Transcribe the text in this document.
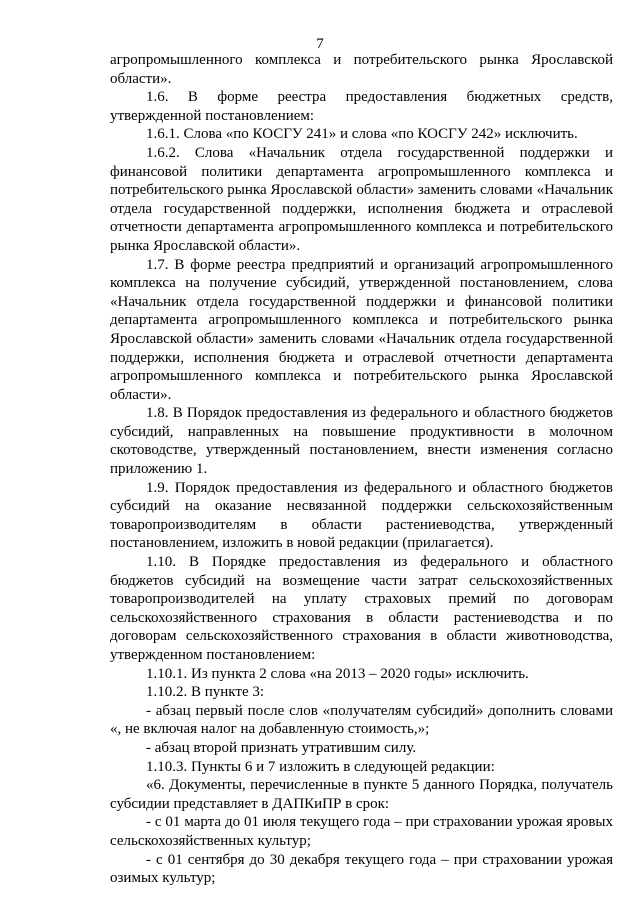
7

агропромышленного комплекса и потребительского рынка Ярославской области».

1.6. В форме реестра предоставления бюджетных средств, утвержденной постановлением:

1.6.1. Слова «по КОСГУ 241» и слова «по КОСГУ 242» исключить.

1.6.2. Слова «Начальник отдела государственной поддержки и финансовой политики департамента агропромышленного комплекса и потребительского рынка Ярославской области» заменить словами «Начальник отдела государственной поддержки, исполнения бюджета и отраслевой отчетности департамента агропромышленного комплекса и потребительского рынка Ярославской области».

1.7. В форме реестра предприятий и организаций агропромышленного комплекса на получение субсидий, утвержденной постановлением, слова «Начальник отдела государственной поддержки и финансовой политики департамента агропромышленного комплекса и потребительского рынка Ярославской области» заменить словами «Начальник отдела государственной поддержки, исполнения бюджета и отраслевой отчетности департамента агропромышленного комплекса и потребительского рынка Ярославской области».

1.8. В Порядок предоставления из федерального и областного бюджетов субсидий, направленных на повышение продуктивности в молочном скотоводстве, утвержденный постановлением, внести изменения согласно приложению 1.

1.9. Порядок предоставления из федерального и областного бюджетов субсидий на оказание несвязанной поддержки сельскохозяйственным товаропроизводителям в области растениеводства, утвержденный постановлением, изложить в новой редакции (прилагается).

1.10. В Порядке предоставления из федерального и областного бюджетов субсидий на возмещение части затрат сельскохозяйственных товаропроизводителей на уплату страховых премий по договорам сельскохозяйственного страхования в области растениеводства и по договорам сельскохозяйственного страхования в области животноводства, утвержденном постановлением:

1.10.1. Из пункта 2 слова «на 2013 – 2020 годы» исключить.

1.10.2. В пункте 3:

- абзац первый после слов «получателям субсидий» дополнить словами «, не включая налог на добавленную стоимость,»;

- абзац второй признать утратившим силу.

1.10.3. Пункты 6 и 7 изложить в следующей редакции:

«6. Документы, перечисленные в пункте 5 данного Порядка, получатель субсидии представляет в ДАПКиПР в срок:

- с 01 марта до 01 июля текущего года – при страховании урожая яровых сельскохозяйственных культур;

- с 01 сентября до 30 декабря текущего года – при страховании урожая озимых культур;
